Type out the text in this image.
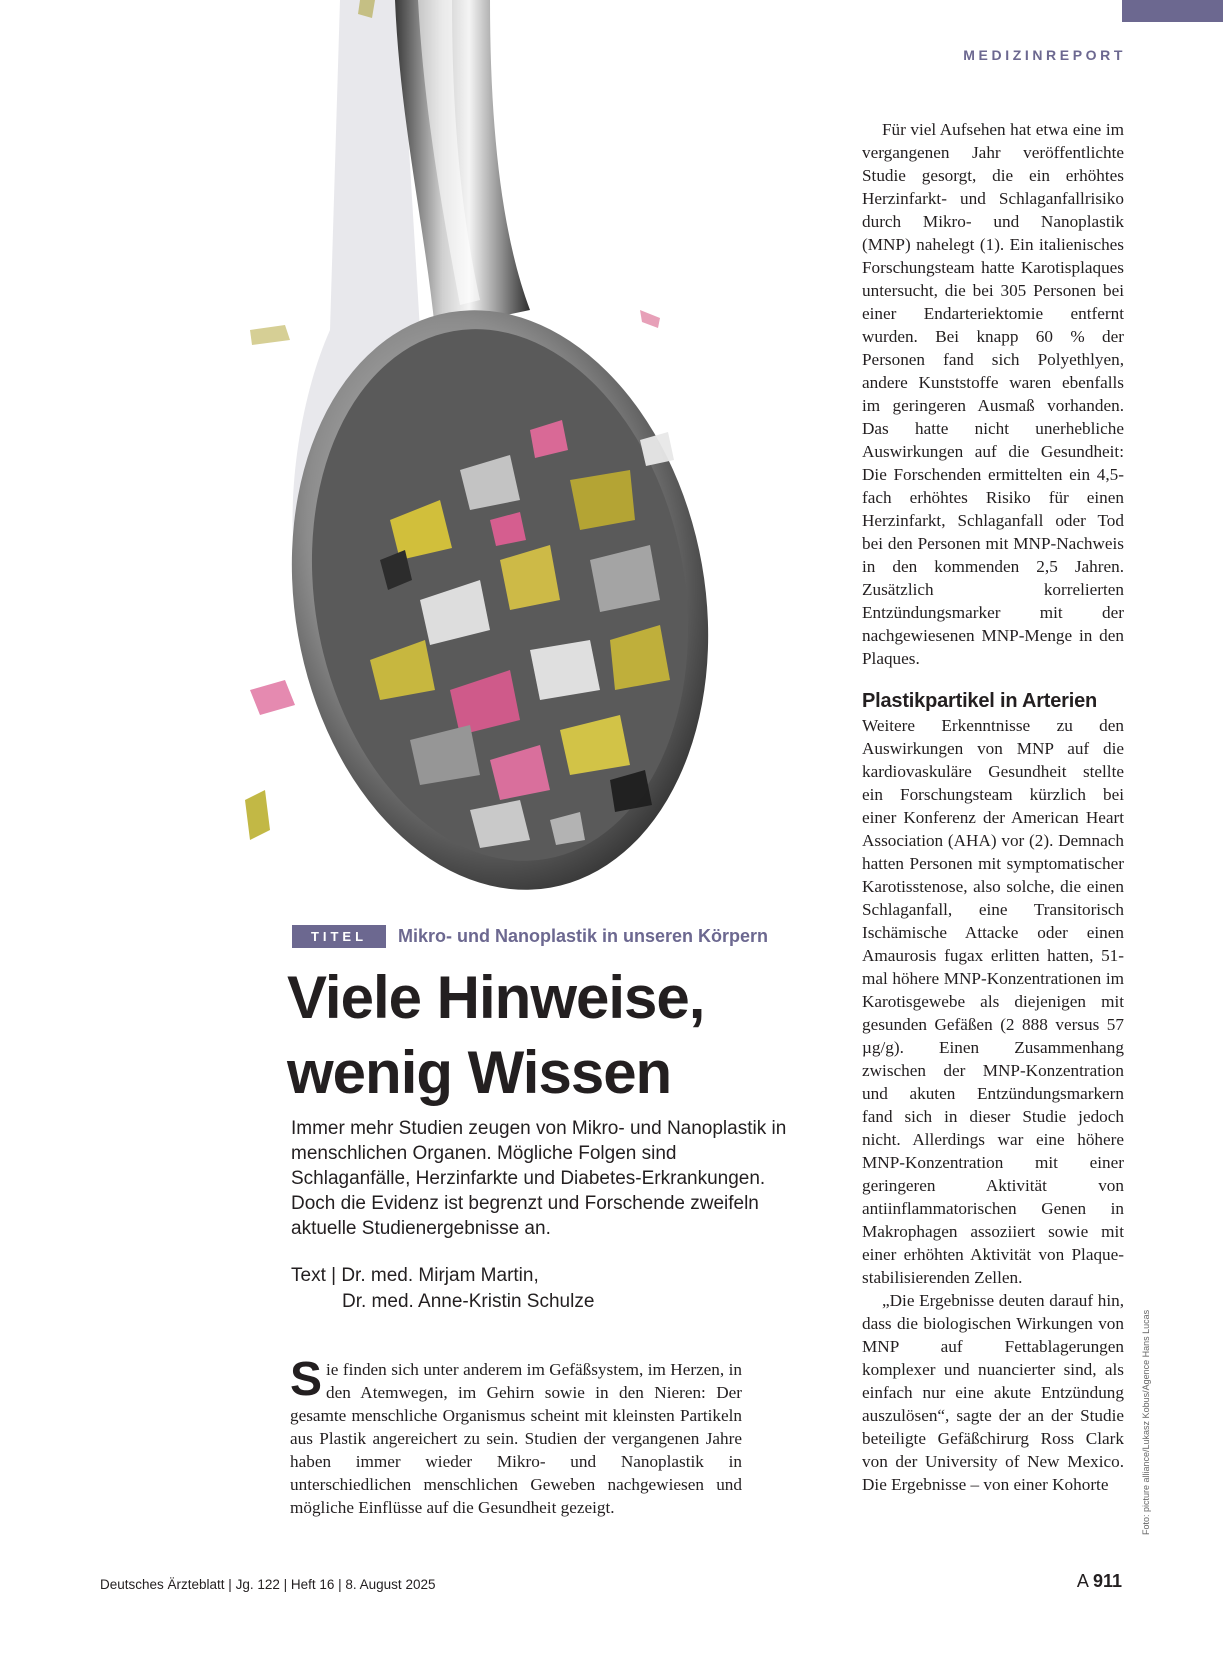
MEDIZINREPORT

Für viel Aufsehen hat etwa eine im vergangenen Jahr veröffentlichte Studie gesorgt, die ein erhöhtes Herzinfarkt- und Schlaganfallrisiko durch Mikro- und Nanoplastik (MNP) nahelegt (1). Ein italienisches Forschungsteam hatte Karotisplaques untersucht, die bei 305 Personen bei einer Endarteriektomie entfernt wurden. Bei knapp 60 % der Personen fand sich Polyethlyen, andere Kunststoffe waren ebenfalls im geringeren Ausmaß vorhanden. Das hatte nicht unerhebliche Auswirkungen auf die Gesundheit: Die Forschenden ermittelten ein 4,5-fach erhöhtes Risiko für einen Herzinfarkt, Schlaganfall oder Tod bei den Personen mit MNP-Nachweis in den kommenden 2,5 Jahren. Zusätzlich korrelierten Entzündungsmarker mit der nachgewiesenen MNP-Menge in den Plaques.

Plastikpartikel in Arterien

Weitere Erkenntnisse zu den Auswirkungen von MNP auf die kardiovaskuläre Gesundheit stellte ein Forschungsteam kürzlich bei einer Konferenz der American Heart Association (AHA) vor (2). Demnach hatten Personen mit symptomatischer Karotisstenose, also solche, die einen Schlaganfall, eine Transitorisch Ischämische Attacke oder einen Amaurosis fugax erlitten hatten, 51-mal höhere MNP-Konzentrationen im Karotisgewebe als diejenigen mit gesunden Gefäßen (2 888 versus 57 µg/g). Einen Zusammenhang zwischen der MNP-Konzentration und akuten Entzündungsmarkern fand sich in dieser Studie jedoch nicht. Allerdings war eine höhere MNP-Konzentration mit einer geringeren Aktivität von antiinflammatorischen Genen in Makrophagen assoziiert sowie mit einer erhöhten Aktivität von Plaque-stabilisierenden Zellen.

„Die Ergebnisse deuten darauf hin, dass die biologischen Wirkungen von MNP auf Fettablagerungen komplexer und nuancierter sind, als einfach nur eine akute Entzündung auszulösen“, sagte der an der Studie beteiligte Gefäßchirurg Ross Clark von der University of New Mexico. Die Ergebnisse – von einer Kohorte

TITEL	Mikro- und Nanoplastik in unseren Körpern
Viele Hinweise,
wenig Wissen

Immer mehr Studien zeugen von Mikro- und Nanoplastik in menschlichen Organen. Mögliche Folgen sind Schlaganfälle, Herzinfarkte und Diabetes-Erkrankungen. Doch die Evidenz ist begrenzt und Forschende zweifeln aktuelle Studienergebnisse an.

Text | Dr. med. Mirjam Martin,
Dr. med. Anne-Kristin Schulze

Sie finden sich unter anderem im Gefäßsystem, im Herzen, in den Atemwegen, im Gehirn sowie in den Nieren: Der gesamte menschliche Organismus scheint mit kleinsten Partikeln aus Plastik angereichert zu sein. Studien der vergangenen Jahre haben immer wieder Mikro- und Nanoplastik in unterschiedlichen menschlichen Geweben nachgewiesen und mögliche Einflüsse auf die Gesundheit gezeigt.	Foto: picture alliance/Lukasz Kobus/Agence Hans Lucas
Deutsches Ärzteblatt | Jg. 122 | Heft 16 | 8. August 2025	A 911
